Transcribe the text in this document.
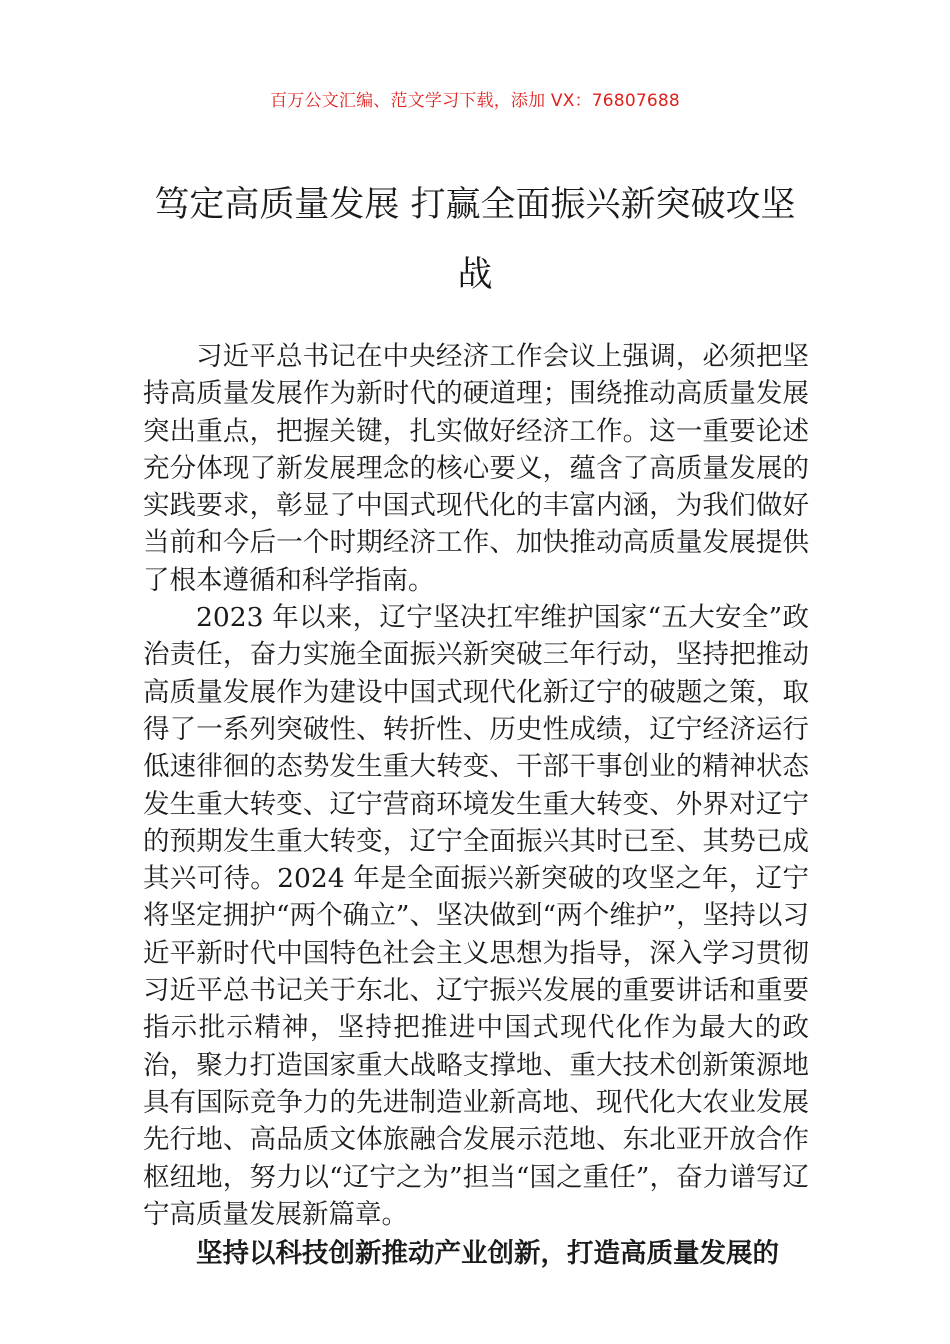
百万公文汇编、范文学习下载，添加 VX：76807688
笃定高质量发展 打赢全面振兴新突破攻坚战

习近平总书记在中央经济工作会议上强调，必须把坚持高质量发展作为新时代的硬道理；围绕推动高质量发展突出重点，把握关键，扎实做好经济工作。这一重要论述充分体现了新发展理念的核心要义，蕴含了高质量发展的实践要求，彰显了中国式现代化的丰富内涵，为我们做好当前和今后一个时期经济工作、加快推动高质量发展提供了根本遵循和科学指南。

2023 年以来，辽宁坚决扛牢维护国家“五大安全”政治责任，奋力实施全面振兴新突破三年行动，坚持把推动高质量发展作为建设中国式现代化新辽宁的破题之策，取得了一系列突破性、转折性、历史性成绩，辽宁经济运行低速徘徊的态势发生重大转变、干部干事创业的精神状态发生重大转变、辽宁营商环境发生重大转变、外界对辽宁的预期发生重大转变，辽宁全面振兴其时已至、其势已成其兴可待。2024 年是全面振兴新突破的攻坚之年，辽宁将坚定拥护“两个确立”、坚决做到“两个维护”，坚持以习近平新时代中国特色社会主义思想为指导，深入学习贯彻习近平总书记关于东北、辽宁振兴发展的重要讲话和重要指示批示精神，坚持把推进中国式现代化作为最大的政治，聚力打造国家重大战略支撑地、重大技术创新策源地具有国际竞争力的先进制造业新高地、现代化大农业发展先行地、高品质文体旅融合发展示范地、东北亚开放合作枢纽地，努力以“辽宁之为”担当“国之重任”，奋力谱写辽宁高质量发展新篇章。

坚持以科技创新推动产业创新，打造高质量发展的
